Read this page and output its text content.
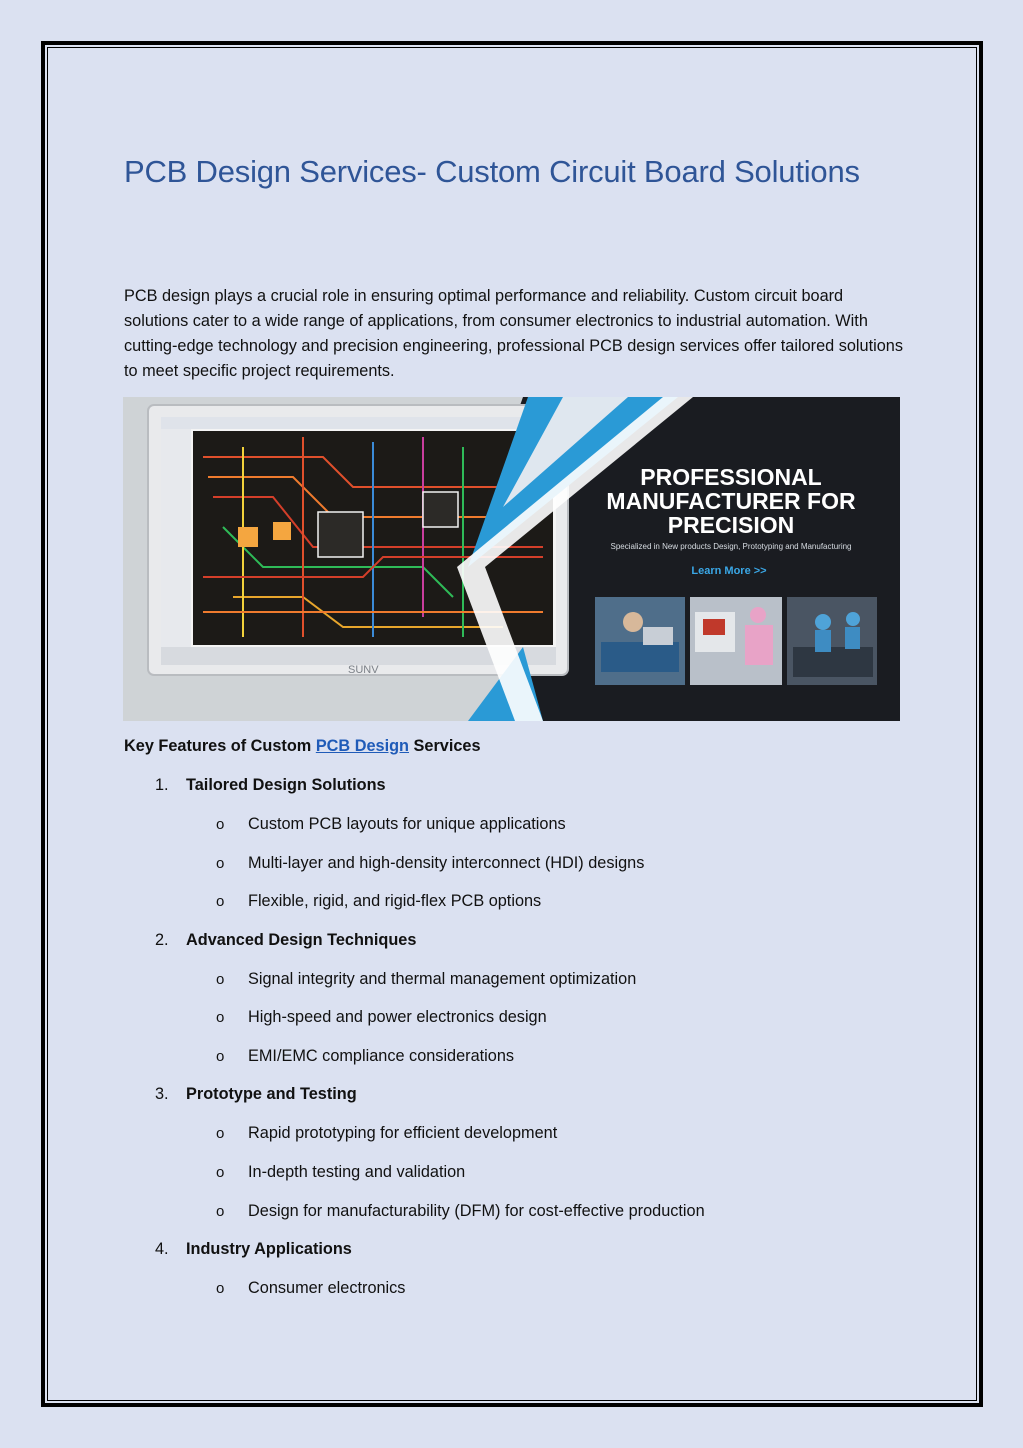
PCB Design Services- Custom Circuit Board Solutions

PCB design plays a crucial role in ensuring optimal performance and reliability. Custom circuit board solutions cater to a wide range of applications, from consumer electronics to industrial automation. With cutting-edge technology and precision engineering, professional PCB design services offer tailored solutions to meet specific project requirements.

SUNV
PROFESSIONAL
MANUFACTURER FOR
PRECISION
Specialized in New products Design, Prototyping and Manufacturing
Learn More >>
Key Features of Custom PCB Design Services
1. Tailored Design Solutions
o Custom PCB layouts for unique applications
o Multi-layer and high-density interconnect (HDI) designs
o Flexible, rigid, and rigid-flex PCB options
2. Advanced Design Techniques
o Signal integrity and thermal management optimization
o High-speed and power electronics design
o EMI/EMC compliance considerations
3. Prototype and Testing
o Rapid prototyping for efficient development
o In-depth testing and validation
o Design for manufacturability (DFM) for cost-effective production
4. Industry Applications
o Consumer electronics
